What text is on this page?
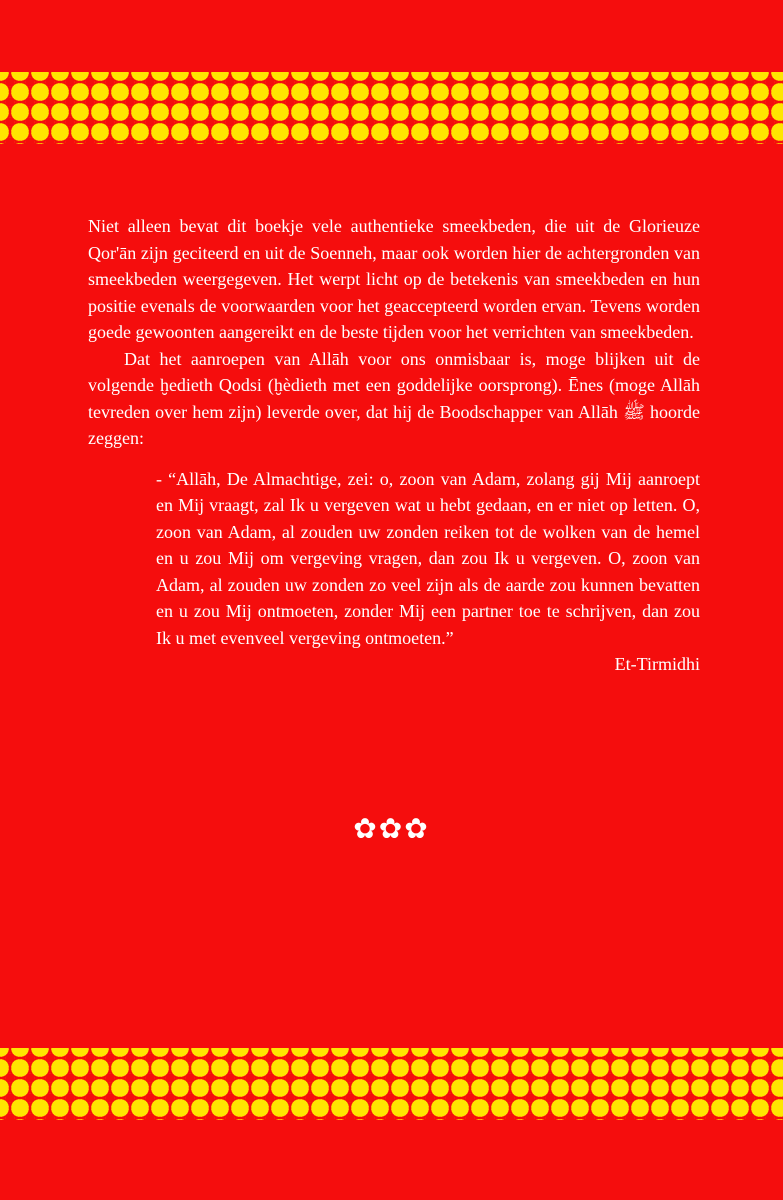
Niet alleen bevat dit boekje vele authentieke smeekbeden, die uit de Glorieuze Qor'ān zijn geciteerd en uit de Soenneh, maar ook worden hier de achtergronden van smeekbeden weergegeven. Het werpt licht op de betekenis van smeekbeden en hun positie evenals de voorwaarden voor het geaccepteerd worden ervan. Tevens worden goede gewoonten aangereikt en de beste tijden voor het verrichten van smeekbeden.

Dat het aanroepen van Allāh voor ons onmisbaar is, moge blijken uit de volgende ḫedieth Qodsi (ḫèdieth met een goddelijke oorsprong). Ēnes (moge Allāh tevreden over hem zijn) leverde over, dat hij de Boodschapper van Allāh ﷺ hoorde zeggen:

- “Allāh, De Almachtige, zei: o, zoon van Adam, zolang gij Mij aanroept en Mij vraagt, zal Ik u vergeven wat u hebt gedaan, en er niet op letten. O, zoon van Adam, al zouden uw zonden reiken tot de wolken van de hemel en u zou Mij om vergeving vragen, dan zou Ik u vergeven. O, zoon van Adam, al zouden uw zonden zo veel zijn als de aarde zou kunnen bevatten en u zou Mij ontmoeten, zonder Mij een partner toe te schrijven, dan zou Ik u met evenveel vergeving ontmoeten.”

Et-Tirmidhi

✿✿✿
